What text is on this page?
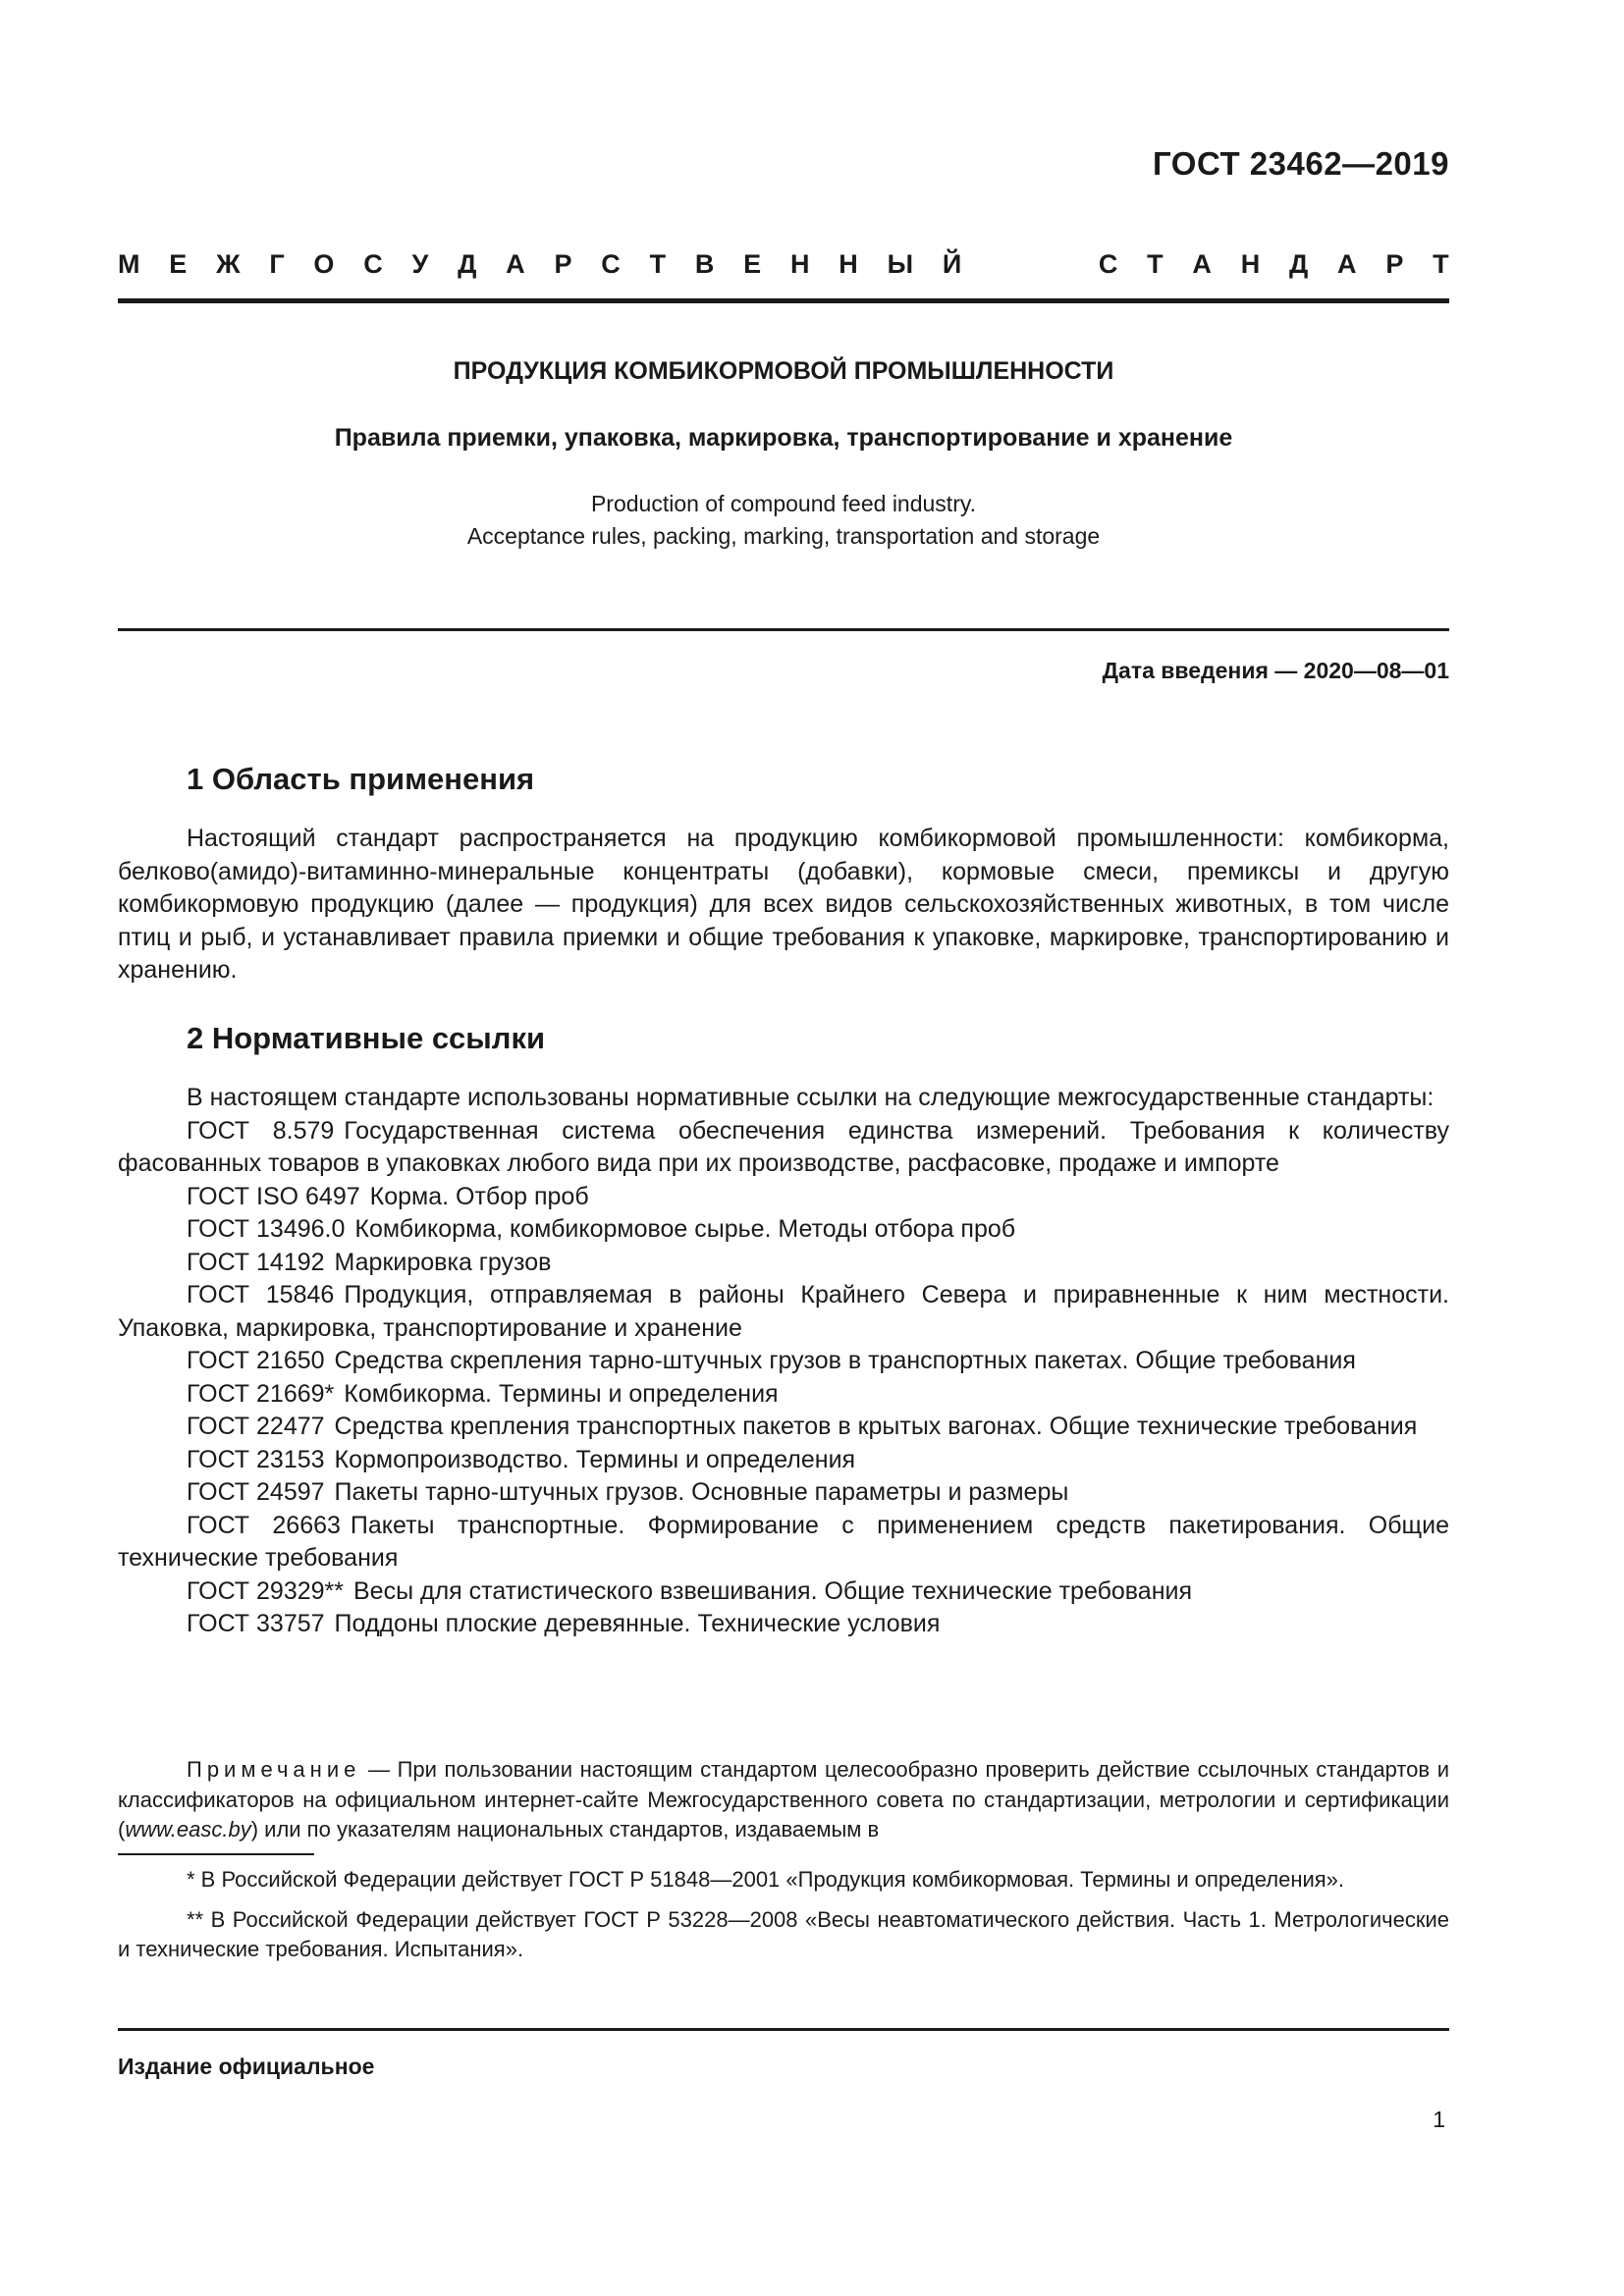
ГОСТ 23462—2019
М Е Ж Г О С У Д А Р С Т В Е Н Н Ы Й	С Т А Н Д А Р Т
ПРОДУКЦИЯ КОМБИКОРМОВОЙ ПРОМЫШЛЕННОСТИ
Правила приемки, упаковка, маркировка, транспортирование и хранение
Production of compound feed industry.
Acceptance rules, packing, marking, transportation and storage
Дата введения — 2020—08—01
1 Область применения
Настоящий стандарт распространяется на продукцию комбикормовой промышленности: комбикорма, белково(амидо)-витаминно-минеральные концентраты (добавки), кормовые смеси, премиксы и другую комбикормовую продукцию (далее — продукция) для всех видов сельскохозяйственных животных, в том числе птиц и рыб, и устанавливает правила приемки и общие требования к упаковке, маркировке, транспортированию и хранению.
2 Нормативные ссылки

В настоящем стандарте использованы нормативные ссылки на следующие межгосударственные стандарты:

ГОСТ 8.579 Государственная система обеспечения единства измерений. Требования к количеству фасованных товаров в упаковках любого вида при их производстве, расфасовке, продаже и импорте

ГОСТ ISO 6497 Корма. Отбор проб

ГОСТ 13496.0 Комбикорма, комбикормовое сырье. Методы отбора проб

ГОСТ 14192 Маркировка грузов

ГОСТ 15846 Продукция, отправляемая в районы Крайнего Севера и приравненные к ним местности. Упаковка, маркировка, транспортирование и хранение

ГОСТ 21650 Средства скрепления тарно-штучных грузов в транспортных пакетах. Общие требования

ГОСТ 21669* Комбикорма. Термины и определения

ГОСТ 22477 Средства крепления транспортных пакетов в крытых вагонах. Общие технические требования

ГОСТ 23153 Кормопроизводство. Термины и определения

ГОСТ 24597 Пакеты тарно-штучных грузов. Основные параметры и размеры

ГОСТ 26663 Пакеты транспортные. Формирование с применением средств пакетирования. Общие технические требования

ГОСТ 29329** Весы для статистического взвешивания. Общие технические требования

ГОСТ 33757 Поддоны плоские деревянные. Технические условия

Примечание — При пользовании настоящим стандартом целесообразно проверить действие ссылочных стандартов и классификаторов на официальном интернет-сайте Межгосударственного совета по стандартизации, метрологии и сертификации (www.easc.by) или по указателям национальных стандартов, издаваемым в

* В Российской Федерации действует ГОСТ Р 51848—2001 «Продукция комбикормовая. Термины и определения».

** В Российской Федерации действует ГОСТ Р 53228—2008 «Весы неавтоматического действия. Часть 1. Метрологические и технические требования. Испытания».

Издание официальное
1
